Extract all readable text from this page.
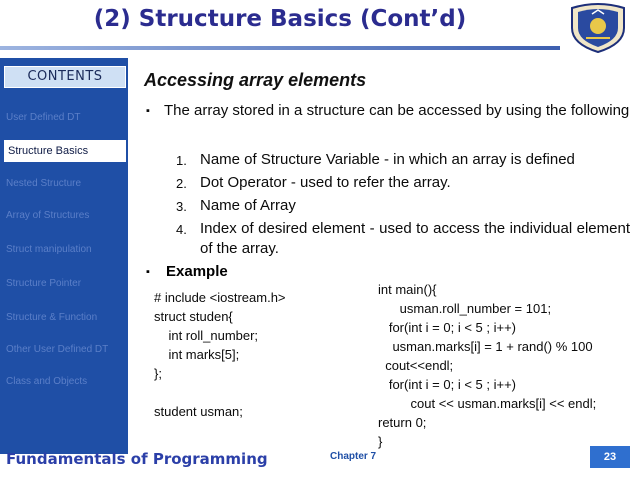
(2) Structure Basics (Cont’d)
CONTENTS
User Defined DT
Structure Basics
Nested Structure
Array of Structures
Struct manipulation
Structure Pointer
Structure & Function
Other User Defined DT
Class and Objects
Accessing array elements
▪ The array stored in a structure can be accessed by using the following
1. Name of Structure Variable - in which an array is defined
2. Dot Operator - used to refer the array.
3. Name of Array
4. Index of desired element - used to access the individual element of the array.
▪ Example
# include <iostream.h>
struct studen{
int roll_number;
int marks[5];
};

student usman;
int main(){
usman.roll_number = 101;
for(int i = 0; i < 5 ; i++)
usman.marks[i] = 1 + rand() % 100
cout<<endl;
for(int i = 0; i < 5 ; i++)
cout << usman.marks[i] << endl;
return 0;
}
Fundamentals of Programming	Chapter 7	23
